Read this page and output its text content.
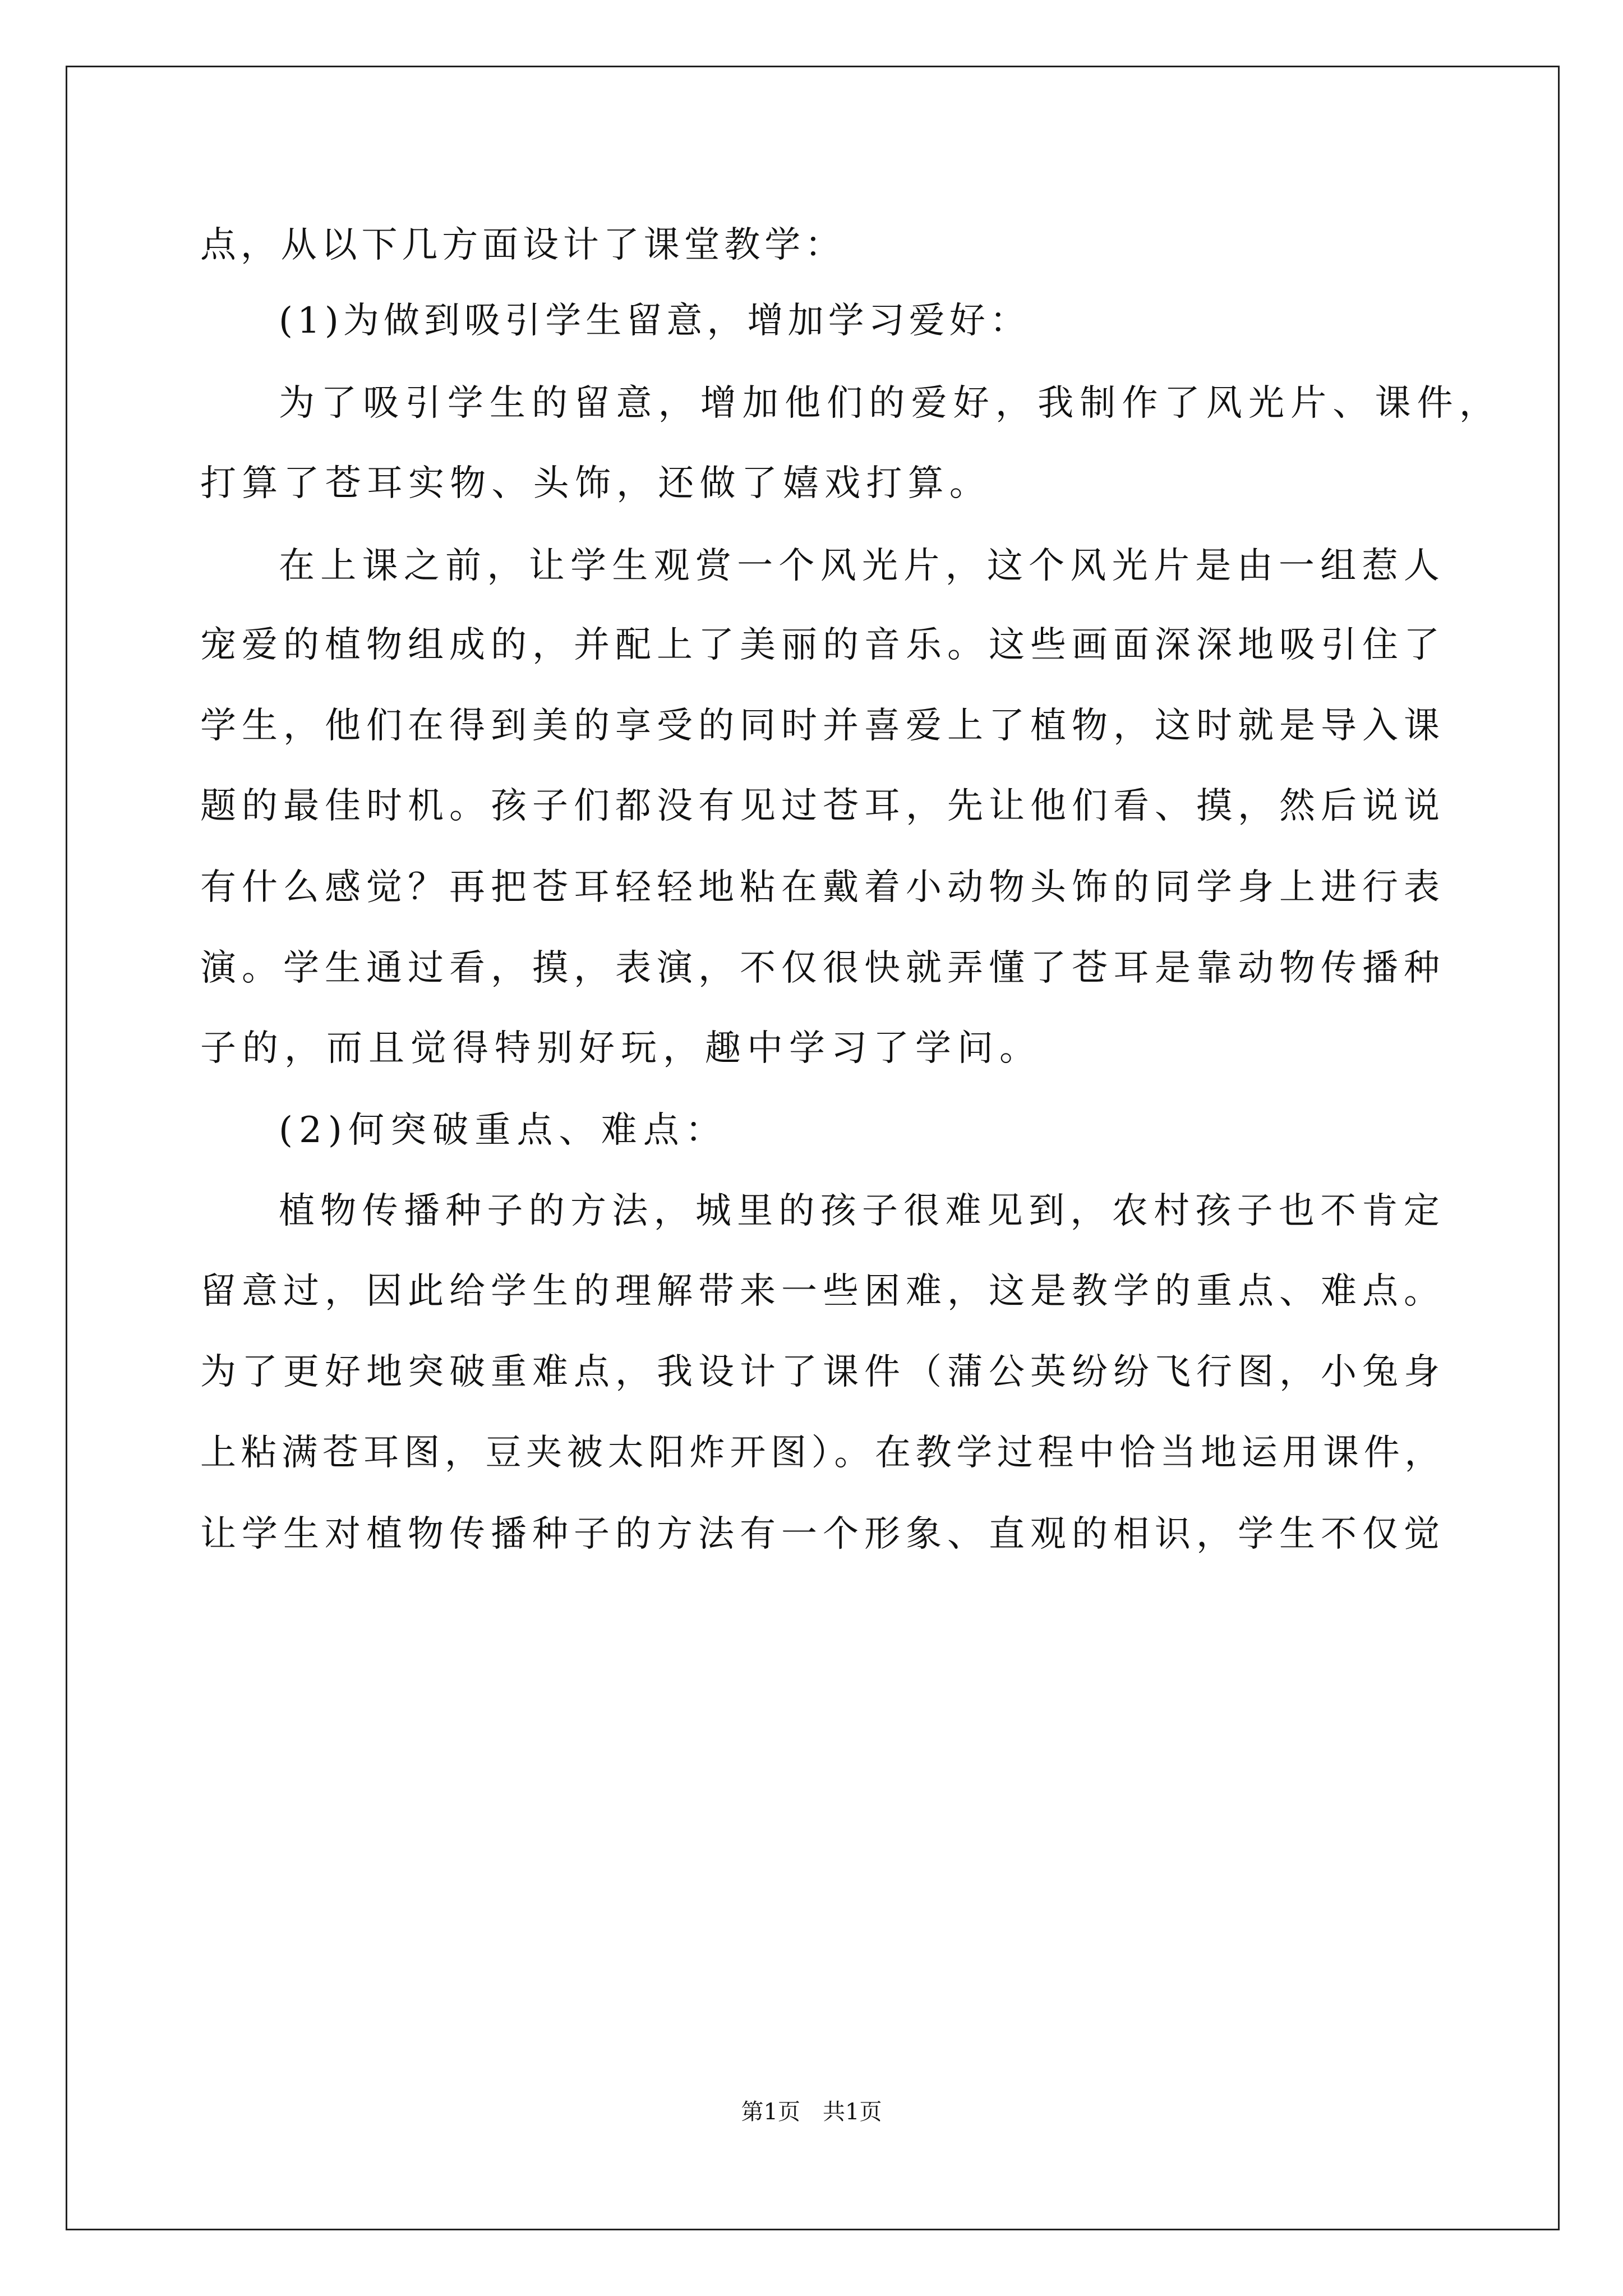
点，从以下几方面设计了课堂教学：
(1)为做到吸引学生留意，增加学习爱好：
为了吸引学生的留意，增加他们的爱好，我制作了风光片、课件，
打算了苍耳实物、头饰，还做了嬉戏打算。
在上课之前，让学生观赏一个风光片，这个风光片是由一组惹人
宠爱的植物组成的，并配上了美丽的音乐。这些画面深深地吸引住了
学生，他们在得到美的享受的同时并喜爱上了植物，这时就是导入课
题的最佳时机。孩子们都没有见过苍耳，先让他们看、摸，然后说说
有什么感觉？再把苍耳轻轻地粘在戴着小动物头饰的同学身上进行表
演。学生通过看，摸，表演，不仅很快就弄懂了苍耳是靠动物传播种
子的，而且觉得特别好玩，趣中学习了学问。
(2)何突破重点、难点：
植物传播种子的方法，城里的孩子很难见到，农村孩子也不肯定
留意过，因此给学生的理解带来一些困难，这是教学的重点、难点。
为了更好地突破重难点，我设计了课件（蒲公英纷纷飞行图，小兔身
上粘满苍耳图，豆夹被太阳炸开图）。在教学过程中恰当地运用课件，
让学生对植物传播种子的方法有一个形象、直观的相识，学生不仅觉
第1页 共1页
